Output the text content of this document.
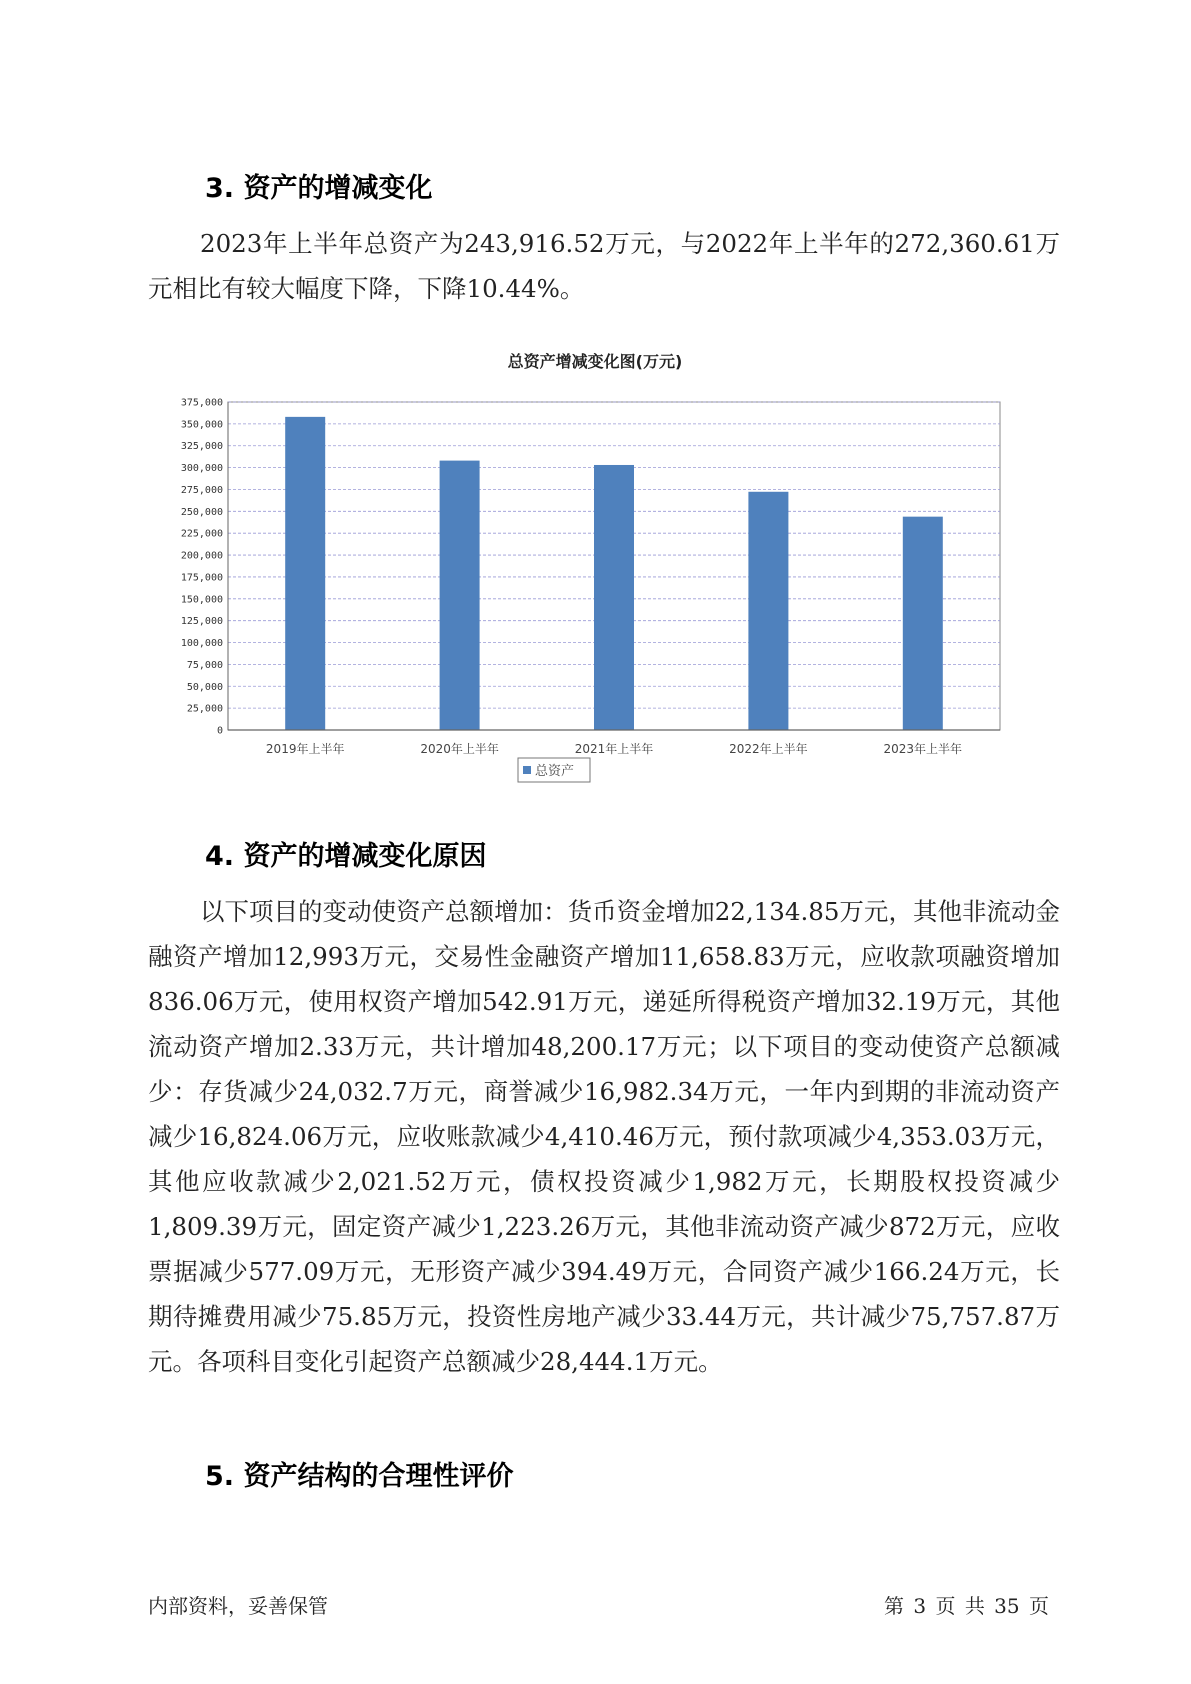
3. 资产的增减变化

2023年上半年总资产为243,916.52万元，与2022年上半年的272,360.61万元相比有较大幅度下降，下降10.44%。

总资产增减变化图(万元)
0
25,000
50,000
75,000
100,000
125,000
150,000
175,000
200,000
225,000
250,000
275,000
300,000
325,000
350,000
375,000
2019年上半年	2020年上半年	2021年上半年	2022年上半年	2023年上半年
总资产
4. 资产的增减变化原因

以下项目的变动使资产总额增加：货币资金增加22,134.85万元，其他非流动金融资产增加12,993万元，交易性金融资产增加11,658.83万元，应收款项融资增加836.06万元，使用权资产增加542.91万元，递延所得税资产增加32.19万元，其他流动资产增加2.33万元，共计增加48,200.17万元；以下项目的变动使资产总额减少：存货减少24,032.7万元，商誉减少16,982.34万元，一年内到期的非流动资产减少16,824.06万元，应收账款减少4,410.46万元，预付款项减少4,353.03万元，其他应收款减少2,021.52万元，债权投资减少1,982万元，长期股权投资减少1,809.39万元，固定资产减少1,223.26万元，其他非流动资产减少872万元，应收票据减少577.09万元，无形资产减少394.49万元，合同资产减少166.24万元，长期待摊费用减少75.85万元，投资性房地产减少33.44万元，共计减少75,757.87万元。各项科目变化引起资产总额减少28,444.1万元。

5. 资产结构的合理性评价
内部资料，妥善保管	第 3 页 共 35 页
